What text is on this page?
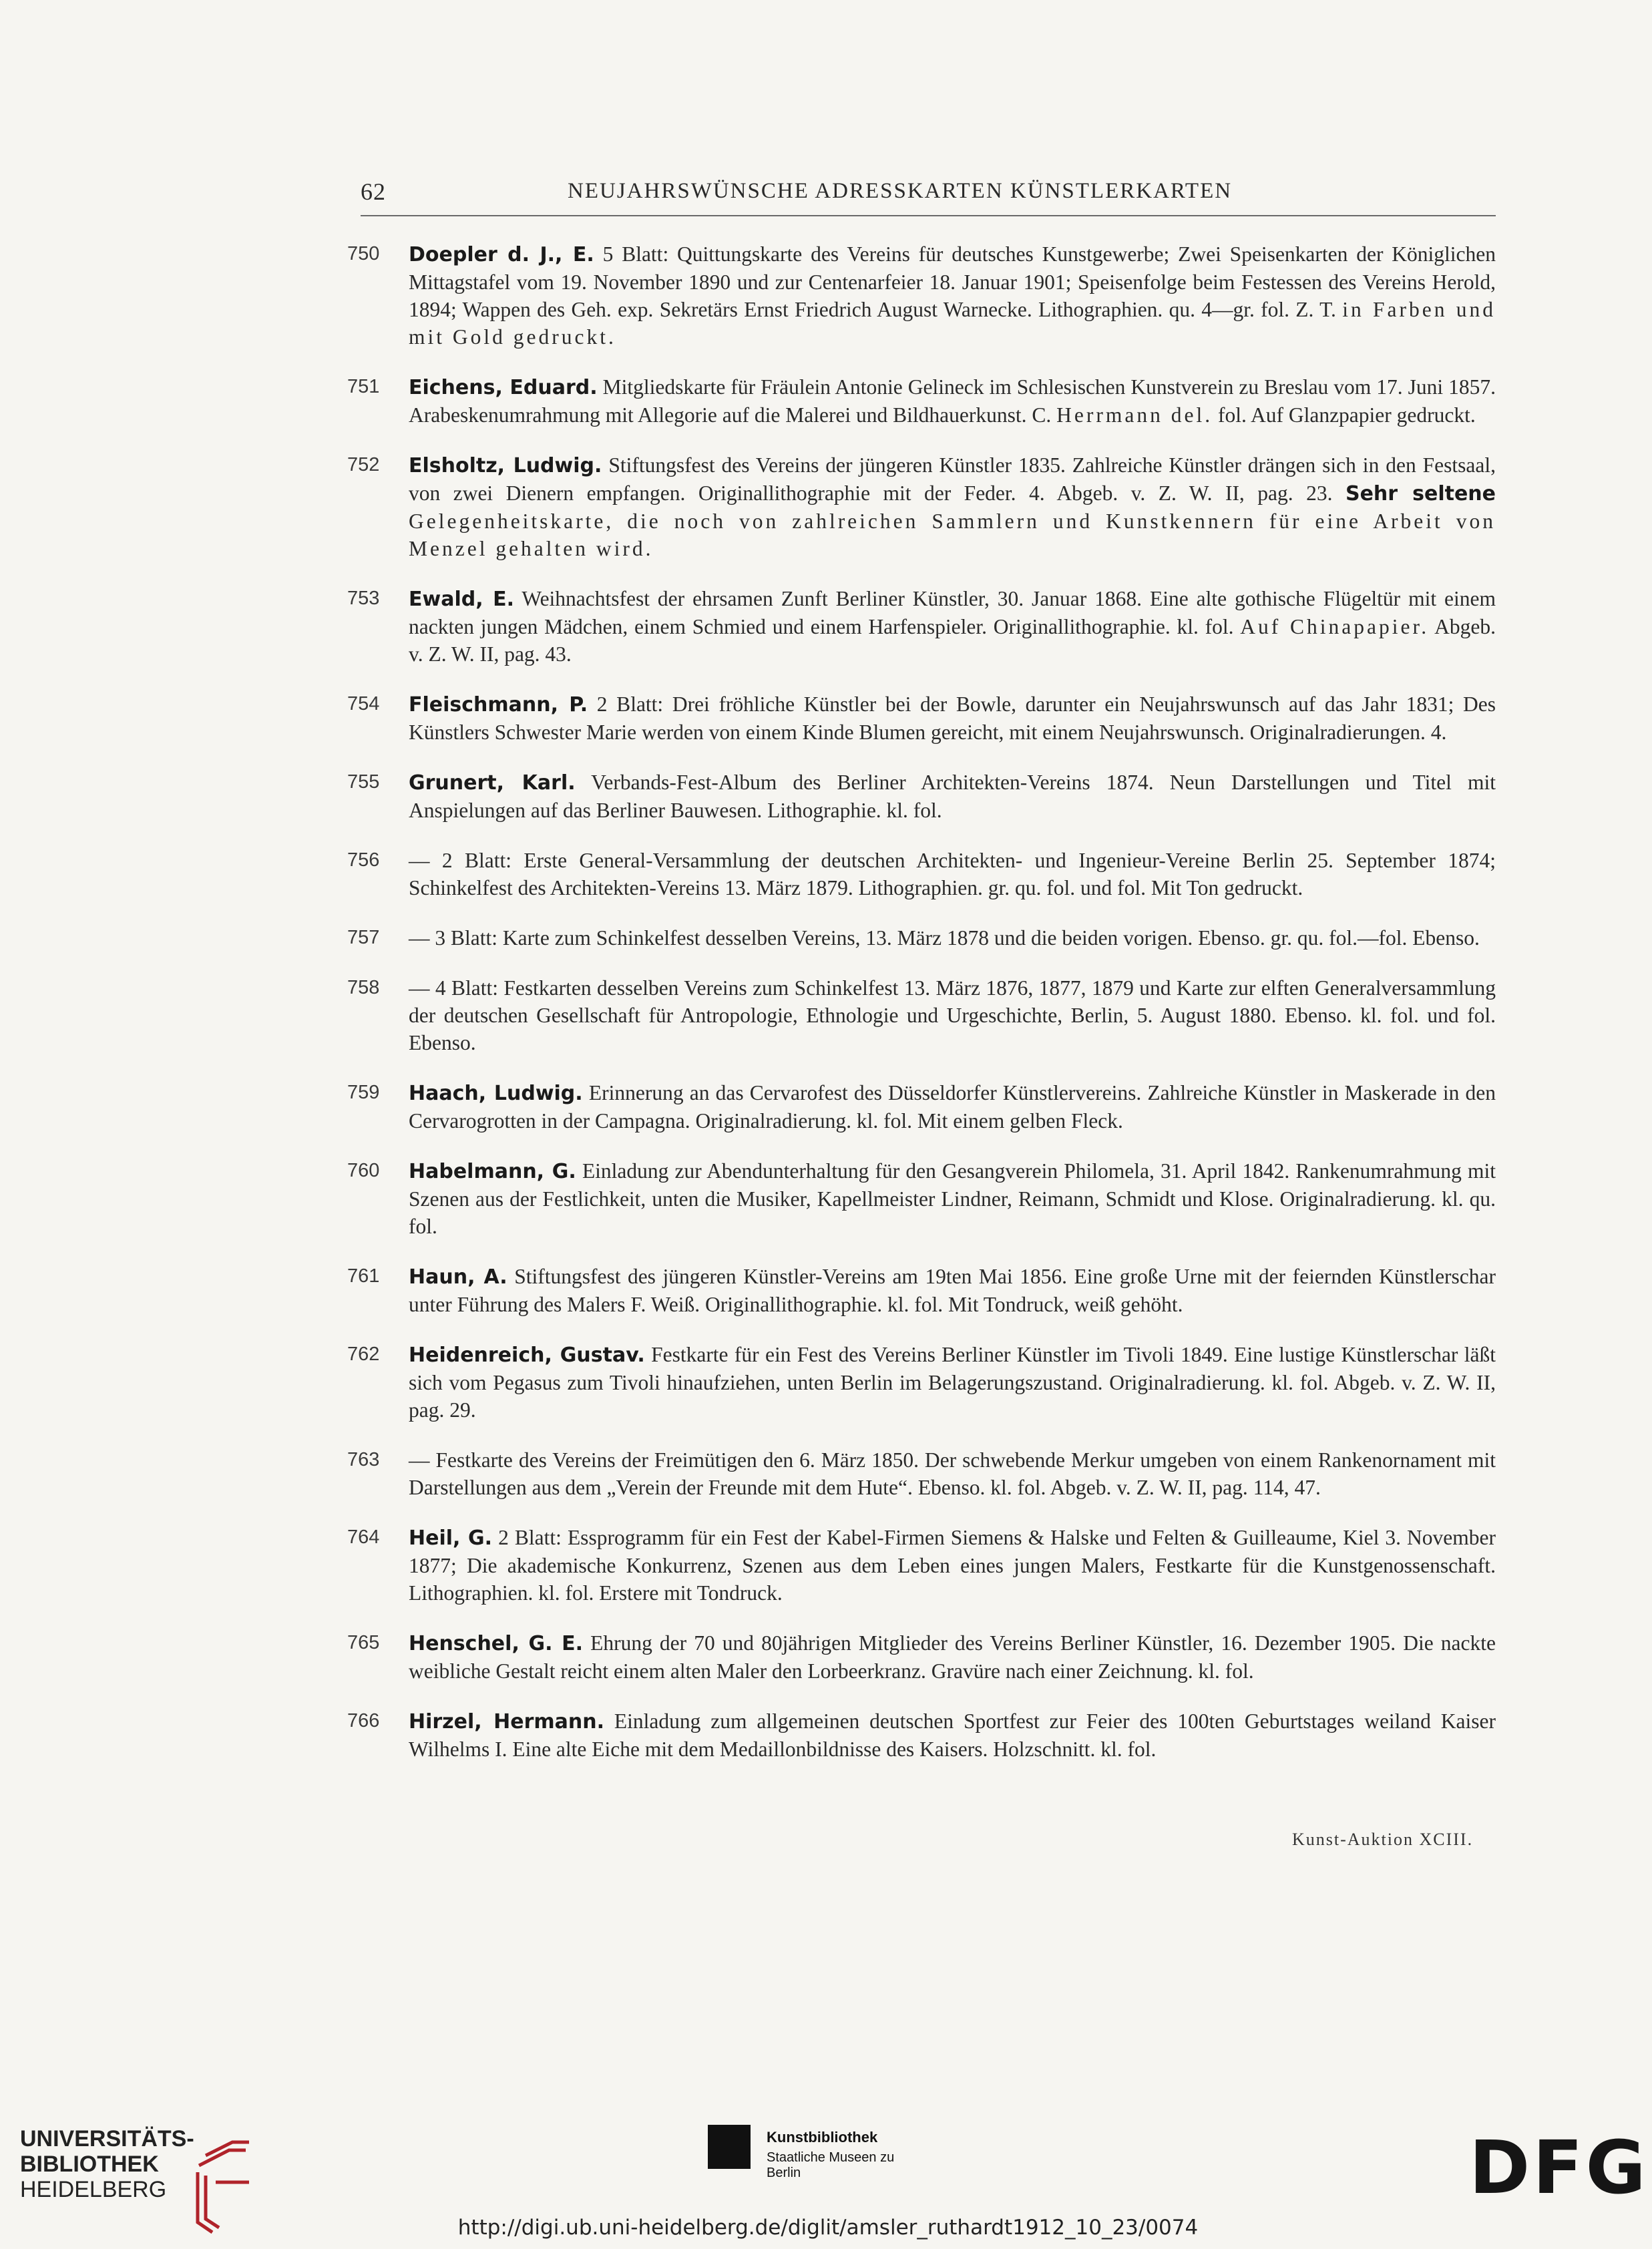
62	NEUJAHRSWÜNSCHE ADRESSKARTEN KÜNSTLERKARTEN
750 Doepler d. J., E. 5 Blatt: Quittungskarte des Vereins für deutsches Kunstgewerbe; Zwei Speisenkarten der Königlichen Mittagstafel vom 19. November 1890 und zur Centenarfeier 18. Januar 1901; Speisenfolge beim Festessen des Vereins Herold, 1894; Wappen des Geh. exp. Sekretärs Ernst Friedrich August Warnecke. Lithographien. qu. 4—gr. fol. Z. T. in Farben und mit Gold gedruckt.
751 Eichens, Eduard. Mitgliedskarte für Fräulein Antonie Gelineck im Schlesischen Kunstverein zu Breslau vom 17. Juni 1857. Arabeskenumrahmung mit Allegorie auf die Malerei und Bildhauerkunst. C. Herrmann del. fol. Auf Glanzpapier gedruckt.
752 Elsholtz, Ludwig. Stiftungsfest des Vereins der jüngeren Künstler 1835. Zahlreiche Künstler drängen sich in den Festsaal, von zwei Dienern empfangen. Originallithographie mit der Feder. 4. Abgeb. v. Z. W. II, pag. 23. Sehr seltene Gelegenheitskarte, die noch von zahlreichen Sammlern und Kunstkennern für eine Arbeit von Menzel gehalten wird.
753 Ewald, E. Weihnachtsfest der ehrsamen Zunft Berliner Künstler, 30. Januar 1868. Eine alte gothische Flügeltür mit einem nackten jungen Mädchen, einem Schmied und einem Harfenspieler. Originallithographie. kl. fol. Auf Chinapapier. Abgeb. v. Z. W. II, pag. 43.
754 Fleischmann, P. 2 Blatt: Drei fröhliche Künstler bei der Bowle, darunter ein Neujahrswunsch auf das Jahr 1831; Des Künstlers Schwester Marie werden von einem Kinde Blumen gereicht, mit einem Neujahrswunsch. Originalradierungen. 4.
755 Grunert, Karl. Verbands-Fest-Album des Berliner Architekten-Vereins 1874. Neun Darstellungen und Titel mit Anspielungen auf das Berliner Bauwesen. Lithographie. kl. fol.
756 — 2 Blatt: Erste General-Versammlung der deutschen Architekten- und Ingenieur-Vereine Berlin 25. September 1874; Schinkelfest des Architekten-Vereins 13. März 1879. Lithographien. gr. qu. fol. und fol. Mit Ton gedruckt.
757 — 3 Blatt: Karte zum Schinkelfest desselben Vereins, 13. März 1878 und die beiden vorigen. Ebenso. gr. qu. fol.—fol. Ebenso.
758 — 4 Blatt: Festkarten desselben Vereins zum Schinkelfest 13. März 1876, 1877, 1879 und Karte zur elften Generalversammlung der deutschen Gesellschaft für Antropologie, Ethnologie und Urgeschichte, Berlin, 5. August 1880. Ebenso. kl. fol. und fol. Ebenso.
759 Haach, Ludwig. Erinnerung an das Cervarofest des Düsseldorfer Künstlervereins. Zahlreiche Künstler in Maskerade in den Cervarogrotten in der Campagna. Originalradierung. kl. fol. Mit einem gelben Fleck.
760 Habelmann, G. Einladung zur Abendunterhaltung für den Gesangverein Philomela, 31. April 1842. Rankenumrahmung mit Szenen aus der Festlichkeit, unten die Musiker, Kapellmeister Lindner, Reimann, Schmidt und Klose. Originalradierung. kl. qu. fol.
761 Haun, A. Stiftungsfest des jüngeren Künstler-Vereins am 19ten Mai 1856. Eine große Urne mit der feiernden Künstlerschar unter Führung des Malers F. Weiß. Originallithographie. kl. fol. Mit Tondruck, weiß gehöht.
762 Heidenreich, Gustav. Festkarte für ein Fest des Vereins Berliner Künstler im Tivoli 1849. Eine lustige Künstlerschar läßt sich vom Pegasus zum Tivoli hinaufziehen, unten Berlin im Belagerungszustand. Originalradierung. kl. fol. Abgeb. v. Z. W. II, pag. 29.
763 — Festkarte des Vereins der Freimütigen den 6. März 1850. Der schwebende Merkur umgeben von einem Rankenornament mit Darstellungen aus dem „Verein der Freunde mit dem Hute“. Ebenso. kl. fol. Abgeb. v. Z. W. II, pag. 114, 47.
764 Heil, G. 2 Blatt: Essprogramm für ein Fest der Kabel-Firmen Siemens & Halske und Felten & Guilleaume, Kiel 3. November 1877; Die akademische Konkurrenz, Szenen aus dem Leben eines jungen Malers, Festkarte für die Kunstgenossenschaft. Lithographien. kl. fol. Erstere mit Tondruck.
765 Henschel, G. E. Ehrung der 70 und 80jährigen Mitglieder des Vereins Berliner Künstler, 16. Dezember 1905. Die nackte weibliche Gestalt reicht einem alten Maler den Lorbeerkranz. Gravüre nach einer Zeichnung. kl. fol.
766 Hirzel, Hermann. Einladung zum allgemeinen deutschen Sportfest zur Feier des 100ten Geburtstages weiland Kaiser Wilhelms I. Eine alte Eiche mit dem Medaillonbildnisse des Kaisers. Holzschnitt. kl. fol.
Kunst-Auktion XCIII.
UNIVERSITÄTS-
BIBLIOTHEK
HEIDELBERG
Kunstbibliothek
Staatliche Museen zu Berlin	DFG
http://digi.ub.uni-heidelberg.de/diglit/amsler_ruthardt1912_10_23/0074
